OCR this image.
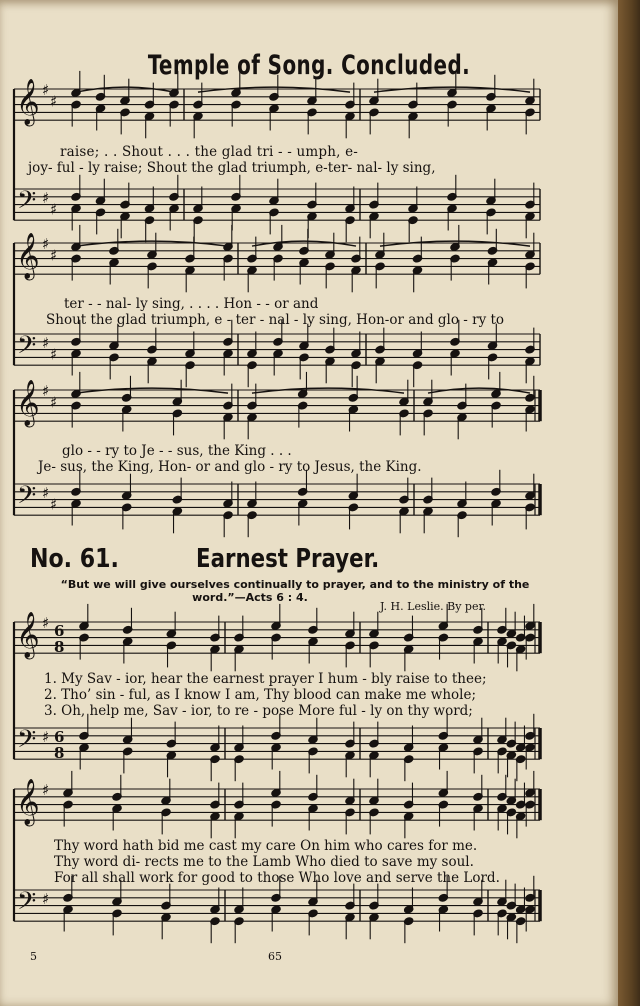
Temple of Song. Concluded.
𝄞
𝄢
♯
♯
♯
♯
𝄞
𝄢
♯
♯
♯
♯
𝄞
𝄢
♯
♯
♯
♯
𝄞
𝄢
♯
♯
6
8
6
8
𝄞
𝄢
♯
♯
raise; . . Shout . . . the glad tri - - umph, e-
joy- ful - ly raise; Shout the glad triumph, e-ter- nal- ly sing,
ter - - nal- ly sing, . . . . Hon - - or and
Shout the glad triumph, e - ter - nal - ly sing, Hon-or and glo - ry to
glo - - ry to Je - - sus, the King . . .
Je- sus, the King, Hon- or and glo - ry to Jesus, the King.
No. 61.	Earnest Prayer.
“But we will give ourselves continually to prayer, and to the ministry of the
word.”—Acts 6 : 4.
J. H. Leslie. By per.
1. My Sav - ior, hear the earnest prayer I hum - bly raise to thee;
2. Tho’ sin - ful, as I know I am, Thy blood can make me whole;
3. Oh, help me, Sav - ior, to re - pose More ful - ly on thy word;
Thy word hath bid me cast my care On him who cares for me.
Thy word di- rects me to the Lamb Who died to save my soul.
For all shall work for good to those Who love and serve the Lord.
5	65
